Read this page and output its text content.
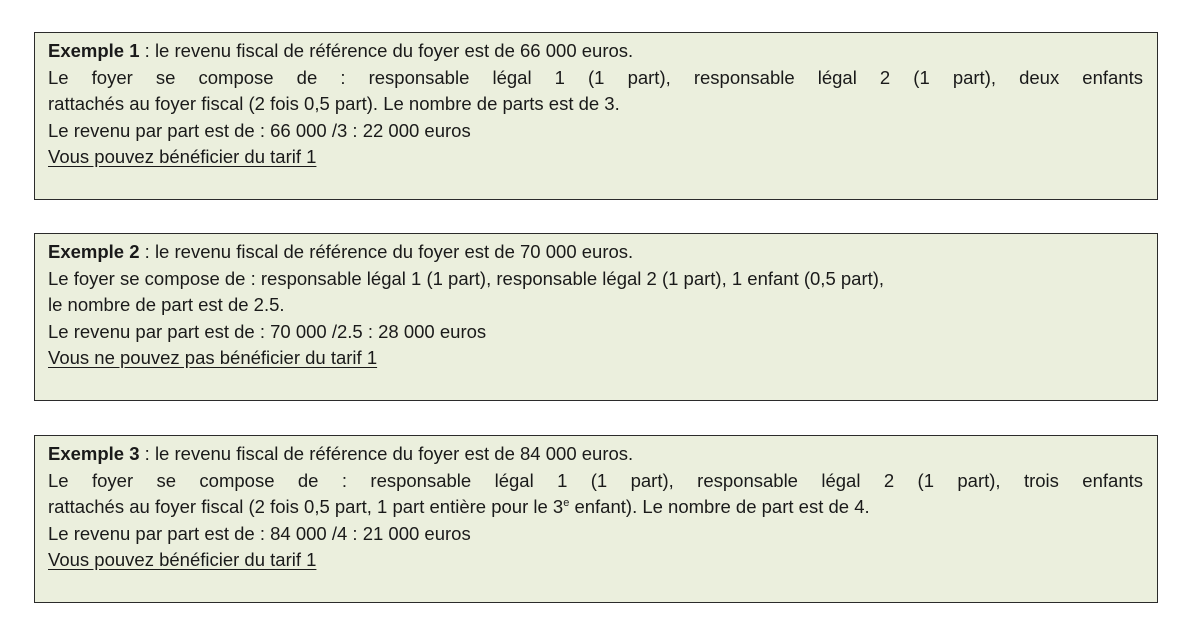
Exemple 1 : le revenu fiscal de référence du foyer est de 66 000 euros.
Le foyer se compose de : responsable légal 1 (1 part), responsable légal 2 (1 part), deux enfants
rattachés au foyer fiscal (2 fois 0,5 part). Le nombre de parts est de 3.
Le revenu par part est de : 66 000 /3 : 22 000 euros
Vous pouvez bénéficier du tarif 1
Exemple 2 : le revenu fiscal de référence du foyer est de 70 000 euros.
Le foyer se compose de : responsable légal 1 (1 part), responsable légal 2 (1 part), 1 enfant (0,5 part),
le nombre de part est de 2.5.
Le revenu par part est de : 70 000 /2.5 : 28 000 euros
Vous ne pouvez pas bénéficier du tarif 1
Exemple 3 : le revenu fiscal de référence du foyer est de 84 000 euros.
Le foyer se compose de : responsable légal 1 (1 part), responsable légal 2 (1 part), trois enfants
rattachés au foyer fiscal (2 fois 0,5 part, 1 part entière pour le 3e enfant). Le nombre de part est de 4.
Le revenu par part est de : 84 000 /4 : 21 000 euros
Vous pouvez bénéficier du tarif 1
